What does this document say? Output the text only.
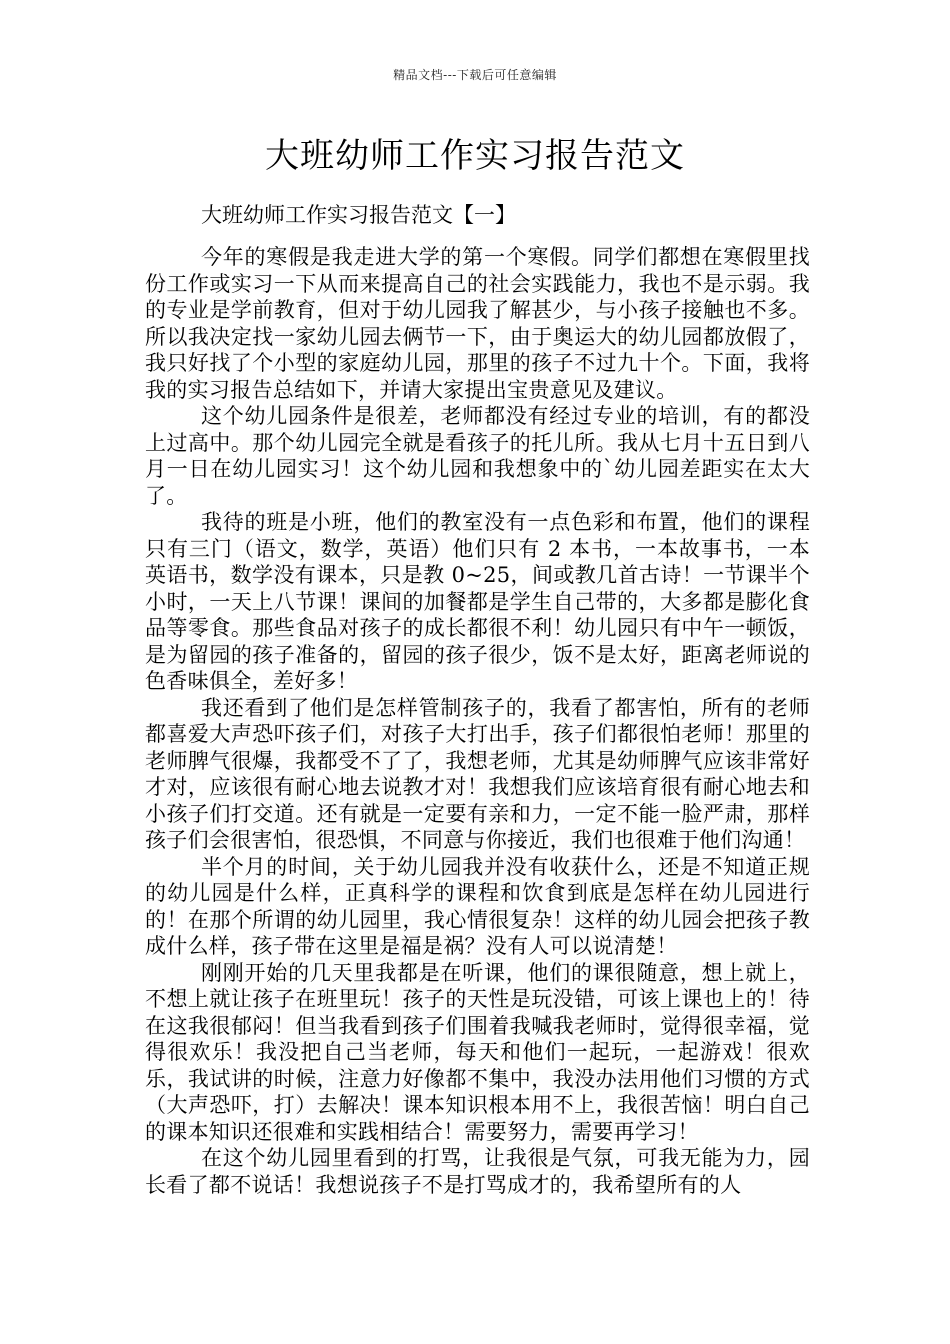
精品文档---下载后可任意编辑
大班幼师工作实习报告范文

大班幼师工作实习报告范文【一】

今年的寒假是我走进大学的第一个寒假。同学们都想在寒假里找份工作或实习一下从而来提高自己的社会实践能力，我也不是示弱。我的专业是学前教育，但对于幼儿园我了解甚少，与小孩子接触也不多。所以我决定找一家幼儿园去俩节一下，由于奥运大的幼儿园都放假了，我只好找了个小型的家庭幼儿园，那里的孩子不过九十个。下面，我将我的实习报告总结如下，并请大家提出宝贵意见及建议。

这个幼儿园条件是很差，老师都没有经过专业的培训，有的都没上过高中。那个幼儿园完全就是看孩子的托儿所。我从七月十五日到八月一日在幼儿园实习！这个幼儿园和我想象中的`幼儿园差距实在太大了。

我待的班是小班，他们的教室没有一点色彩和布置，他们的课程只有三门（语文，数学，英语）他们只有 2 本书，一本故事书，一本英语书，数学没有课本，只是教 0~25，间或教几首古诗！一节课半个小时，一天上八节课！课间的加餐都是学生自己带的，大多都是膨化食品等零食。那些食品对孩子的成长都很不利！幼儿园只有中午一顿饭，是为留园的孩子准备的，留园的孩子很少，饭不是太好，距离老师说的色香味俱全，差好多！

我还看到了他们是怎样管制孩子的，我看了都害怕，所有的老师都喜爱大声恐吓孩子们，对孩子大打出手，孩子们都很怕老师！那里的老师脾气很爆，我都受不了了，我想老师，尤其是幼师脾气应该非常好才对，应该很有耐心地去说教才对！我想我们应该培育很有耐心地去和小孩子们打交道。还有就是一定要有亲和力，一定不能一脸严肃，那样孩子们会很害怕，很恐惧，不同意与你接近，我们也很难于他们沟通！

半个月的时间，关于幼儿园我并没有收获什么，还是不知道正规的幼儿园是什么样，正真科学的课程和饮食到底是怎样在幼儿园进行的！在那个所谓的幼儿园里，我心情很复杂！这样的幼儿园会把孩子教成什么样，孩子带在这里是福是祸？没有人可以说清楚！

刚刚开始的几天里我都是在听课，他们的课很随意，想上就上，不想上就让孩子在班里玩！孩子的天性是玩没错，可该上课也上的！待在这我很郁闷！但当我看到孩子们围着我喊我老师时，觉得很幸福，觉得很欢乐！我没把自己当老师，每天和他们一起玩，一起游戏！很欢乐，我试讲的时候，注意力好像都不集中，我没办法用他们习惯的方式（大声恐吓，打）去解决！课本知识根本用不上，我很苦恼！明白自己的课本知识还很难和实践相结合！需要努力，需要再学习！

在这个幼儿园里看到的打骂，让我很是气氛，可我无能为力，园长看了都不说话！我想说孩子不是打骂成才的，我希望所有的人
